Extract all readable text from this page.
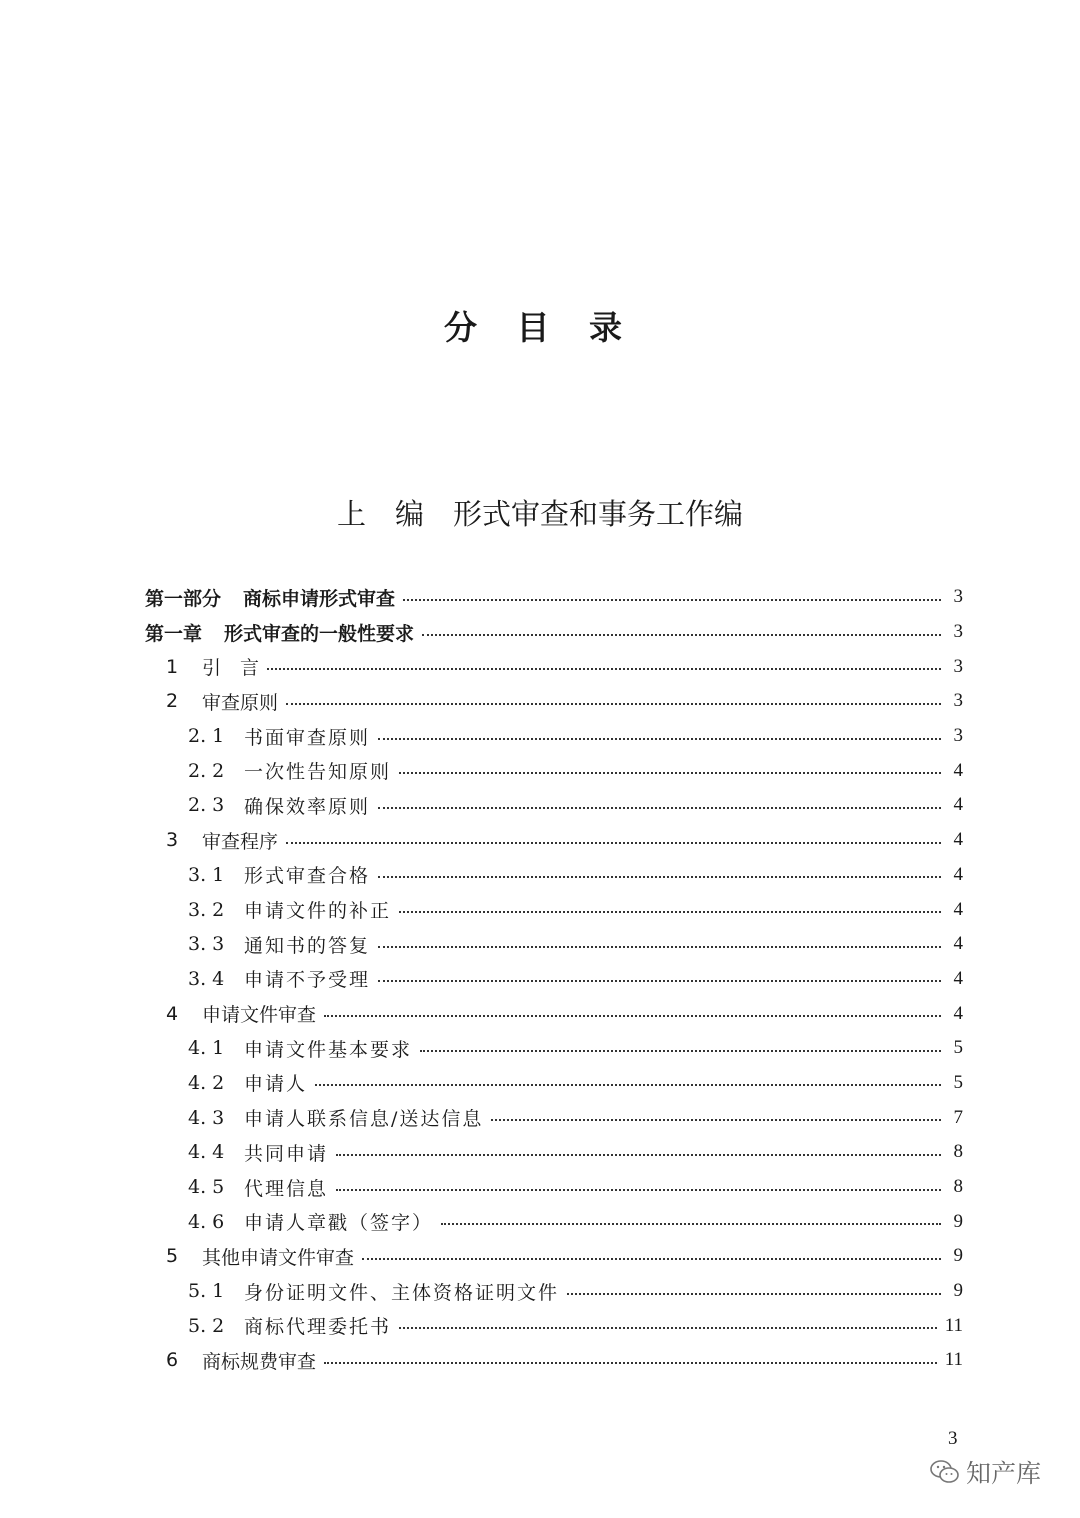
分 目 录
上　编　形式审查和事务工作编
第一部分 商标申请形式审查	3
第一章 形式审查的一般性要求	3
1	引　言	3
2	审查原则	3
2. 1	书面审查原则	3
2. 2	一次性告知原则	4
2. 3	确保效率原则	4
3	审查程序	4
3. 1	形式审查合格	4
3. 2	申请文件的补正	4
3. 3	通知书的答复	4
3. 4	申请不予受理	4
4	申请文件审查	4
4. 1	申请文件基本要求	5
4. 2	申请人	5
4. 3	申请人联系信息/送达信息	7
4. 4	共同申请	8
4. 5	代理信息	8
4. 6	申请人章戳（签字）	9
5	其他申请文件审查	9
5. 1	身份证明文件、主体资格证明文件	9
5. 2	商标代理委托书	11
6	商标规费审查	11
3
知产库
